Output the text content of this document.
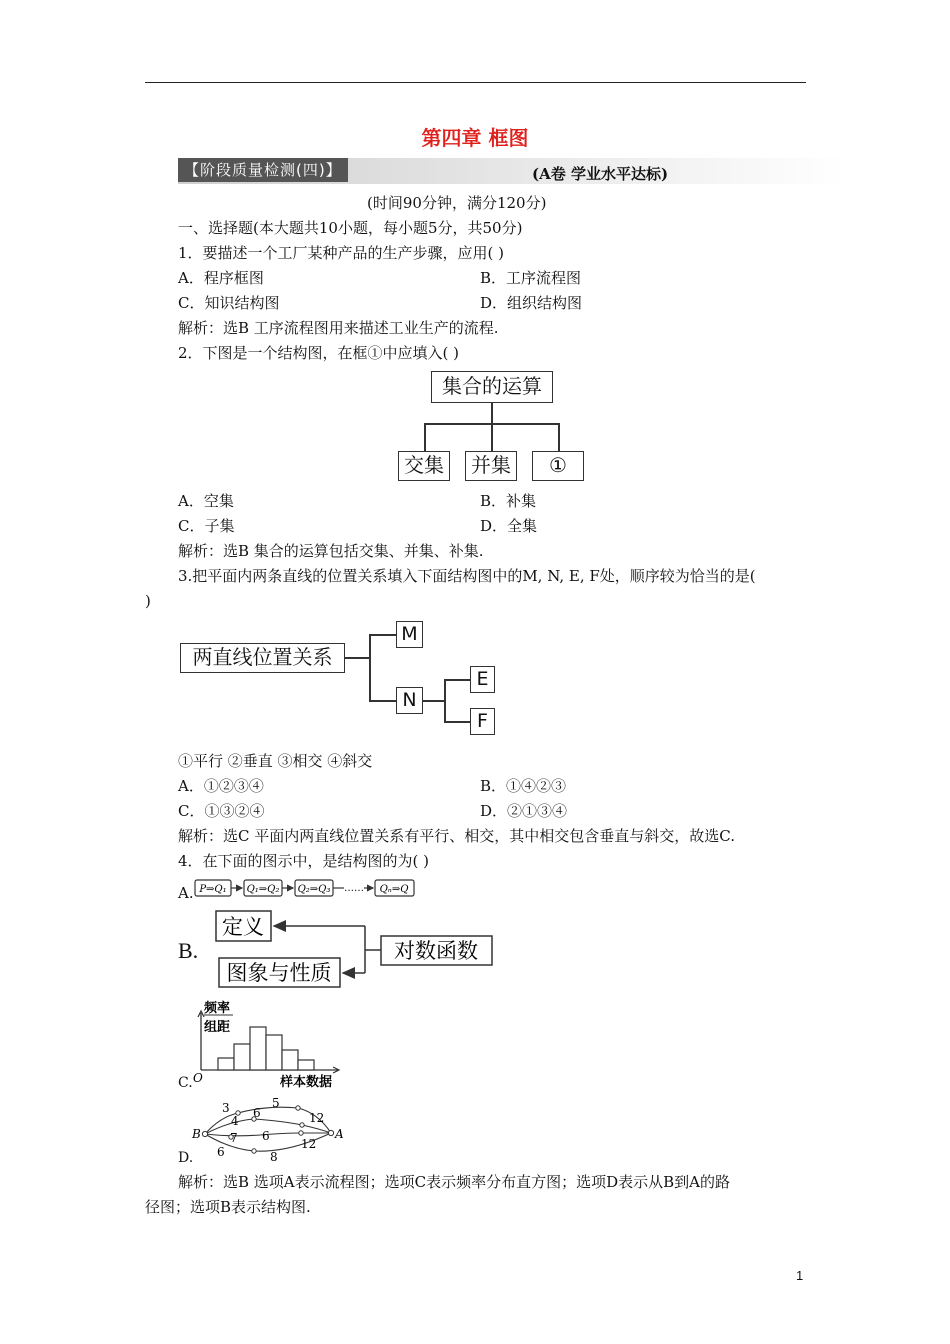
第四章 框图
【阶段质量检测(四)】	(A卷 学业水平达标)
(时间90分钟，满分120分)
一、选择题(本大题共10小题，每小题5分，共50分)
1．要描述一个工厂某种产品的生产步骤，应用( )
A．程序框图	B．工序流程图
C．知识结构图	D．组织结构图
解析：选B 工序流程图用来描述工业生产的流程.
2．下图是一个结构图，在框①中应填入( )
集合的运算
交集	并集	①
A．空集	B．补集
C．子集	D．全集
解析：选B 集合的运算包括交集、并集、补集.
3.把平面内两条直线的位置关系填入下面结构图中的M, N, E, F处，顺序较为恰当的是(
)
两直线位置关系
M
N
E
F
①平行 ②垂直 ③相交 ④斜交
A．①②③④	B．①④②③
C．①③②④	D．②①③④
解析：选C 平面内两直线位置关系有平行、相交，其中相交包含垂直与斜交，故选C.
4．在下面的图示中，是结构图的为( )
A. P⇒Q₁ Q₁⇒Q₂ Q₂⇒Q₃ …… Qₙ⇒Q
B.
定义
图象与性质
对数函数
C.
频率
组距
O	样本数据
D.
B	A
3	5
4
6	12
7 6
12
6	8
解析：选B 选项A表示流程图；选项C表示频率分布直方图；选项D表示从B到A的路
径图；选项B表示结构图.
1
